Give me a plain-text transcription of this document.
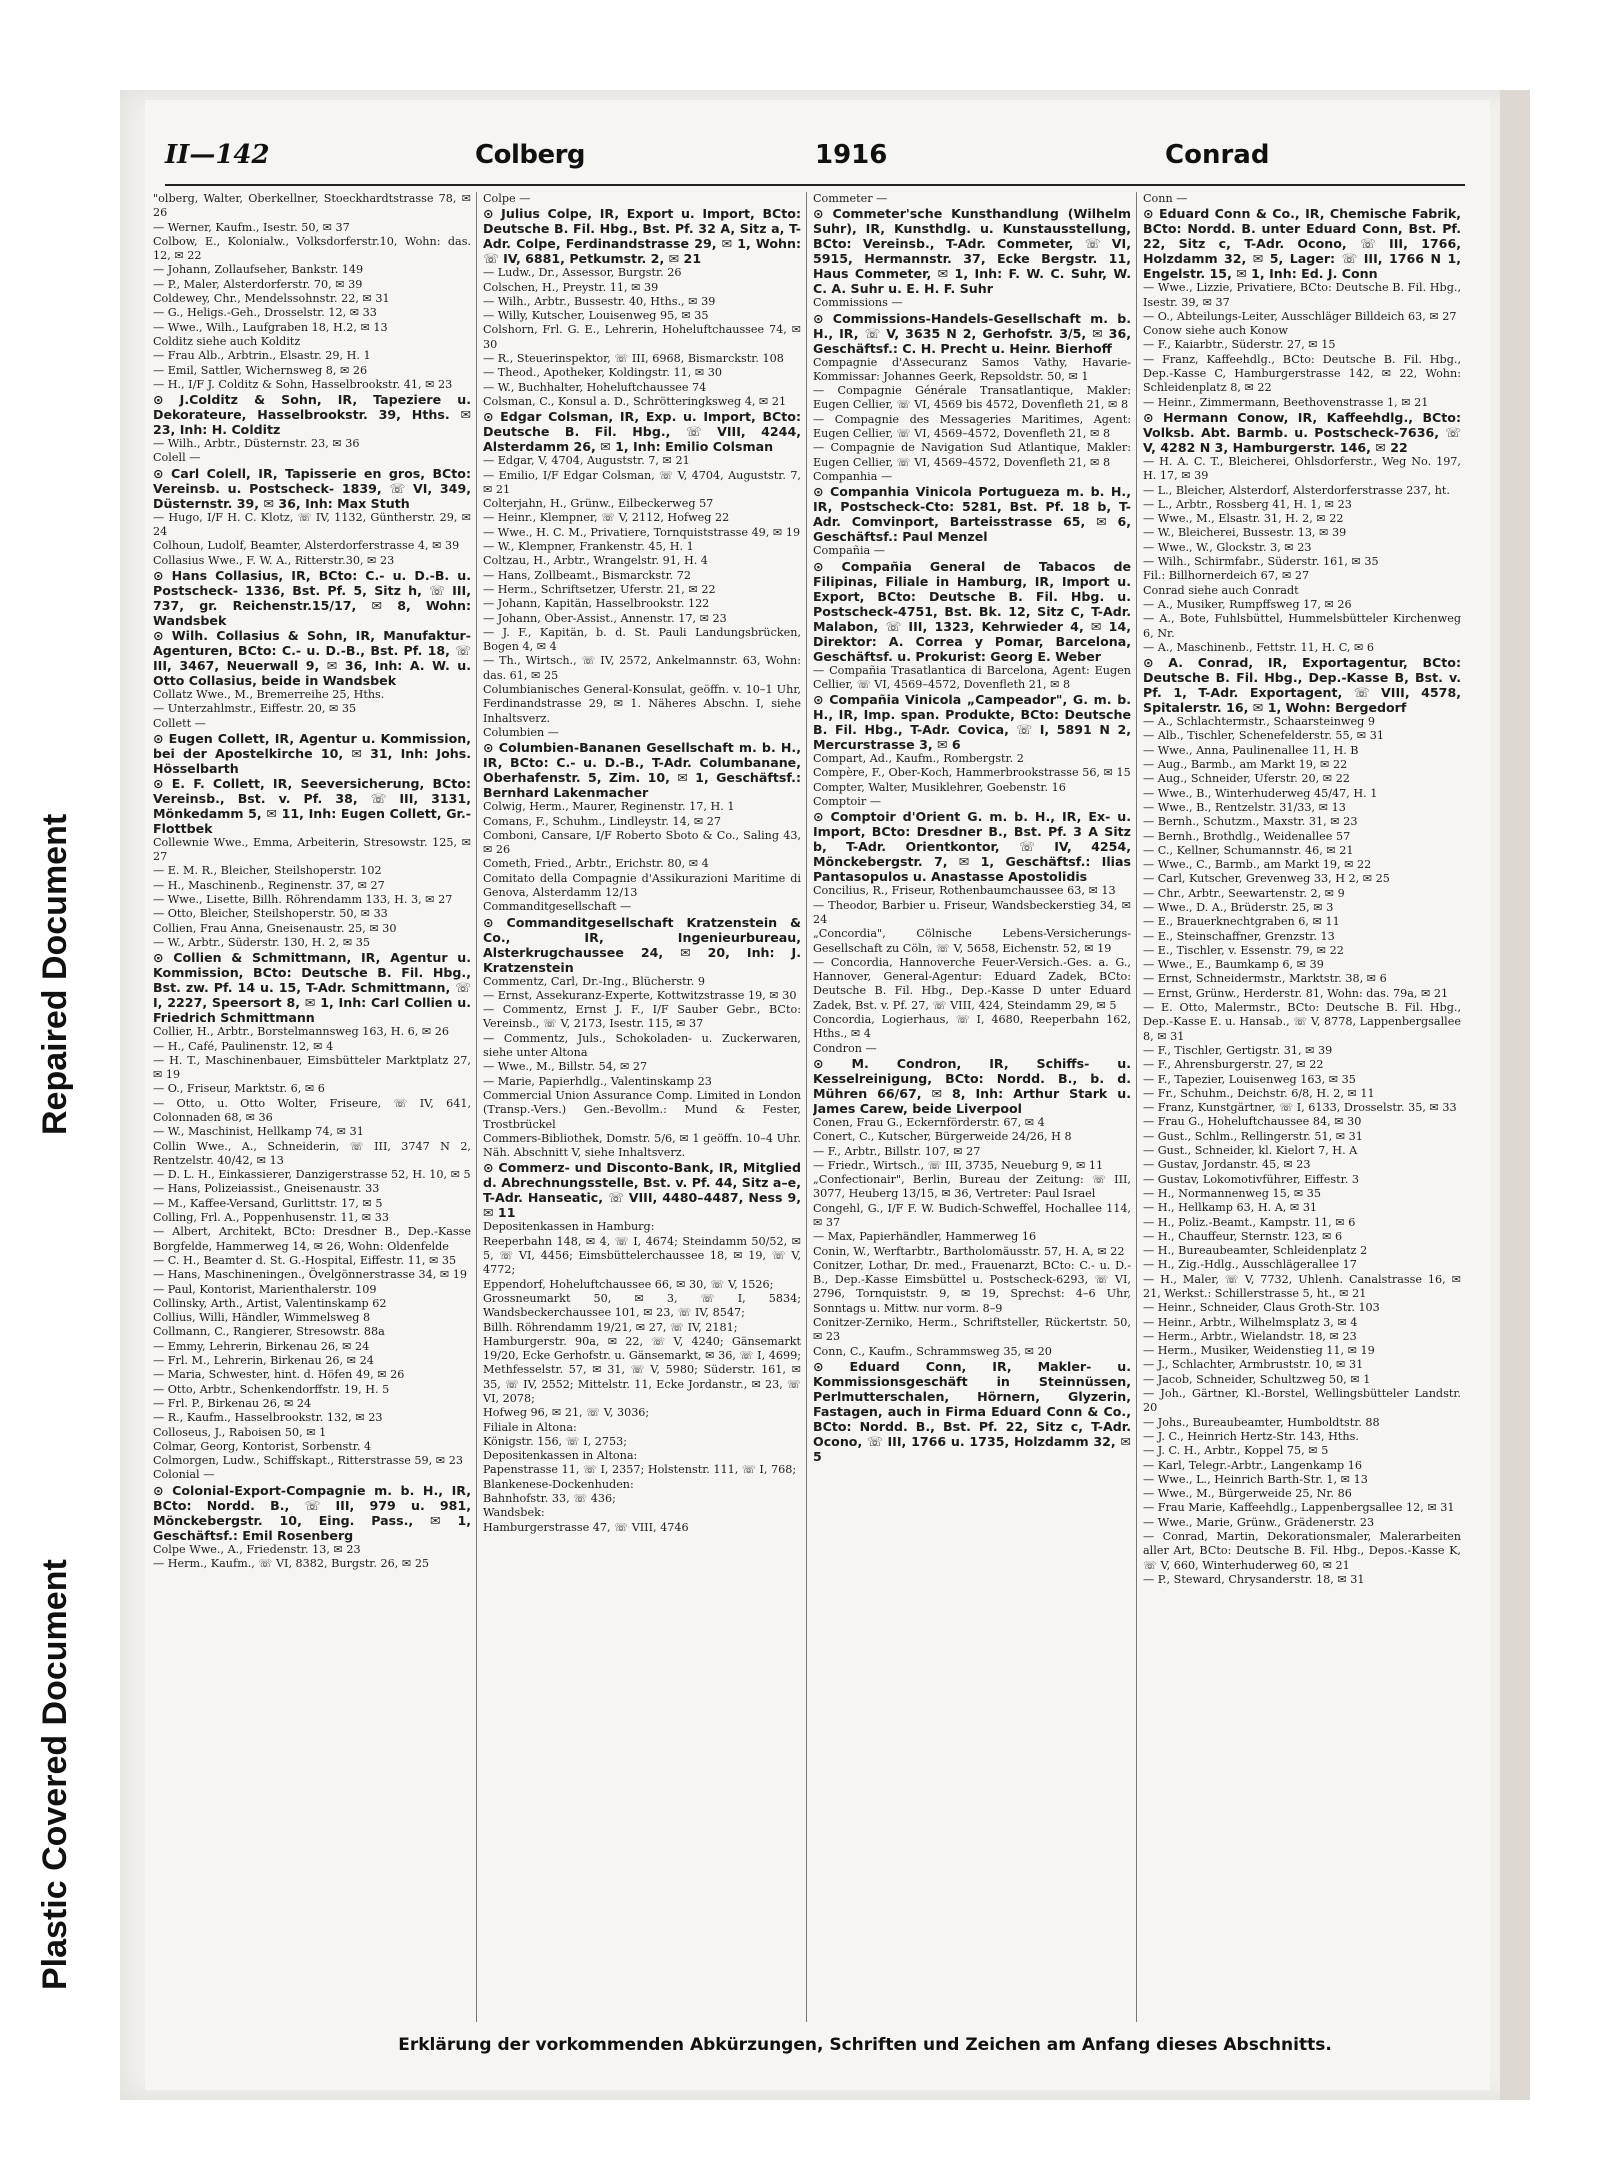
Plastic Covered Document
Repaired Document
II—142	Colberg	1916	Conrad

"olberg, Walter, Oberkellner, Stoeckhardtstrasse 78, ✉ 26

— Werner, Kaufm., Isestr. 50, ✉ 37

Colbow, E., Kolonialw., Volksdorferstr.10, Wohn: das. 12, ✉ 22

— Johann, Zollaufseher, Bankstr. 149

— P., Maler, Alsterdorferstr. 70, ✉ 39

Coldewey, Chr., Mendelssohnstr. 22, ✉ 31

— G., Heligs.-Geh., Drosselstr. 12, ✉ 33

— Wwe., Wilh., Laufgraben 18, H.2, ✉ 13

Colditz siehe auch Kolditz

— Frau Alb., Arbtrin., Elsastr. 29, H. 1

— Emil, Sattler, Wichernsweg 8, ✉ 26

— H., I/F J. Colditz & Sohn, Hasselbrookstr. 41, ✉ 23

⊙ J.Colditz & Sohn, IR, Tapeziere u. Dekorateure, Hasselbrookstr. 39, Hths. ✉ 23, Inh: H. Colditz

— Wilh., Arbtr., Düsternstr. 23, ✉ 36

Colell —

⊙ Carl Colell, IR, Tapisserie en gros, BCto: Vereinsb. u. Postscheck- 1839, ☏ VI, 349, Düsternstr. 39, ✉ 36, Inh: Max Stuth

— Hugo, I/F H. C. Klotz, ☏ IV, 1132, Güntherstr. 29, ✉ 24

Colhoun, Ludolf, Beamter, Alsterdorferstrasse 4, ✉ 39

Collasius Wwe., F. W. A., Ritterstr.30, ✉ 23

⊙ Hans Collasius, IR, BCto: C.- u. D.-B. u. Postscheck- 1336, Bst. Pf. 5, Sitz h, ☏ III, 737, gr. Reichenstr.15/17, ✉ 8, Wohn: Wandsbek

⊙ Wilh. Collasius & Sohn, IR, Manufaktur-Agenturen, BCto: C.- u. D.-B., Bst. Pf. 18, ☏ III, 3467, Neuerwall 9, ✉ 36, Inh: A. W. u. Otto Collasius, beide in Wandsbek

Collatz Wwe., M., Bremerreihe 25, Hths.

— Unterzahlmstr., Eiffestr. 20, ✉ 35

Collett —

⊙ Eugen Collett, IR, Agentur u. Kommission, bei der Apostelkirche 10, ✉ 31, Inh: Johs. Hösselbarth

⊙ E. F. Collett, IR, Seeversicherung, BCto: Vereinsb., Bst. v. Pf. 38, ☏ III, 3131, Mönkedamm 5, ✉ 11, Inh: Eugen Collett, Gr.-Flottbek

Collewnie Wwe., Emma, Arbeiterin, Stresowstr. 125, ✉ 27

— E. M. R., Bleicher, Steilshoperstr. 102

— H., Maschinenb., Reginenstr. 37, ✉ 27

— Wwe., Lisette, Billh. Röhrendamm 133, H. 3, ✉ 27

— Otto, Bleicher, Steilshoperstr. 50, ✉ 33

Collien, Frau Anna, Gneisenaustr. 25, ✉ 30

— W., Arbtr., Süderstr. 130, H. 2, ✉ 35

⊙ Collien & Schmittmann, IR, Agentur u. Kommission, BCto: Deutsche B. Fil. Hbg., Bst. zw. Pf. 14 u. 15, T-Adr. Schmittmann, ☏ I, 2227, Speersort 8, ✉ 1, Inh: Carl Collien u. Friedrich Schmittmann

Collier, H., Arbtr., Borstelmannsweg 163, H. 6, ✉ 26

— H., Café, Paulinenstr. 12, ✉ 4

— H. T., Maschinenbauer, Eimsbütteler Marktplatz 27, ✉ 19

— O., Friseur, Marktstr. 6, ✉ 6

— Otto, u. Otto Wolter, Friseure, ☏ IV, 641, Colonnaden 68, ✉ 36

— W., Maschinist, Hellkamp 74, ✉ 31

Collin Wwe., A., Schneiderin, ☏ III, 3747 N 2, Rentzelstr. 40/42, ✉ 13

— D. L. H., Einkassierer, Danzigerstrasse 52, H. 10, ✉ 5

— Hans, Polizeiassist., Gneisenaustr. 33

— M., Kaffee-Versand, Gurlittstr. 17, ✉ 5

Colling, Frl. A., Poppenhusenstr. 11, ✉ 33

— Albert, Architekt, BCto: Dresdner B., Dep.-Kasse Borgfelde, Hammerweg 14, ✉ 26, Wohn: Oldenfelde

— C. H., Beamter d. St. G.-Hospital, Eiffestr. 11, ✉ 35

— Hans, Maschineningen., Övelgönnerstrasse 34, ✉ 19

— Paul, Kontorist, Marienthalerstr. 109

Collinsky, Arth., Artist, Valentinskamp 62

Collius, Willi, Händler, Wimmelsweg 8

Collmann, C., Rangierer, Stresowstr. 88a

— Emmy, Lehrerin, Birkenau 26, ✉ 24

— Frl. M., Lehrerin, Birkenau 26, ✉ 24

— Maria, Schwester, hint. d. Höfen 49, ✉ 26

— Otto, Arbtr., Schenkendorffstr. 19, H. 5

— Frl. P., Birkenau 26, ✉ 24

— R., Kaufm., Hasselbrookstr. 132, ✉ 23

Colloseus, J., Raboisen 50, ✉ 1

Colmar, Georg, Kontorist, Sorbenstr. 4

Colmorgen, Ludw., Schiffskapt., Ritterstrasse 59, ✉ 23

Colonial —

⊙ Colonial-Export-Compagnie m. b. H., IR, BCto: Nordd. B., ☏ III, 979 u. 981, Mönckebergstr. 10, Eing. Pass., ✉ 1, Geschäftsf.: Emil Rosenberg

Colpe Wwe., A., Friedenstr. 13, ✉ 23

— Herm., Kaufm., ☏ VI, 8382, Burgstr. 26, ✉ 25

Colpe —

⊙ Julius Colpe, IR, Export u. Import, BCto: Deutsche B. Fil. Hbg., Bst. Pf. 32 A, Sitz a, T-Adr. Colpe, Ferdinandstrasse 29, ✉ 1, Wohn: ☏ IV, 6881, Petkumstr. 2, ✉ 21

— Ludw., Dr., Assessor, Burgstr. 26

Colschen, H., Preystr. 11, ✉ 39

— Wilh., Arbtr., Bussestr. 40, Hths., ✉ 39

— Willy, Kutscher, Louisenweg 95, ✉ 35

Colshorn, Frl. G. E., Lehrerin, Hoheluftchaussee 74, ✉ 30

— R., Steuerinspektor, ☏ III, 6968, Bismarckstr. 108

— Theod., Apotheker, Koldingstr. 11, ✉ 30

— W., Buchhalter, Hoheluftchaussee 74

Colsman, C., Konsul a. D., Schrötteringksweg 4, ✉ 21

⊙ Edgar Colsman, IR, Exp. u. Import, BCto: Deutsche B. Fil. Hbg., ☏ VIII, 4244, Alsterdamm 26, ✉ 1, Inh: Emilio Colsman

— Edgar, V, 4704, Auguststr. 7, ✉ 21

— Emilio, I/F Edgar Colsman, ☏ V, 4704, Auguststr. 7, ✉ 21

Colterjahn, H., Grünw., Eilbeckerweg 57

— Heinr., Klempner, ☏ V, 2112, Hofweg 22

— Wwe., H. C. M., Privatiere, Tornquiststrasse 49, ✉ 19

— W., Klempner, Frankenstr. 45, H. 1

Coltzau, H., Arbtr., Wrangelstr. 91, H. 4

— Hans, Zollbeamt., Bismarckstr. 72

— Herm., Schriftsetzer, Uferstr. 21, ✉ 22

— Johann, Kapitän, Hasselbrookstr. 122

— Johann, Ober-Assist., Annenstr. 17, ✉ 23

— J. F., Kapitän, b. d. St. Pauli Landungsbrücken, Bogen 4, ✉ 4

— Th., Wirtsch., ☏ IV, 2572, Ankelmannstr. 63, Wohn: das. 61, ✉ 25

Columbianisches General-Konsulat, geöffn. v. 10–1 Uhr, Ferdinandstrasse 29, ✉ 1. Näheres Abschn. I, siehe Inhaltsverz.

Columbien —

⊙ Columbien-Bananen Gesellschaft m. b. H., IR, BCto: C.- u. D.-B., T-Adr. Columbanane, Oberhafenstr. 5, Zim. 10, ✉ 1, Geschäftsf.: Bernhard Lakenmacher

Colwig, Herm., Maurer, Reginenstr. 17, H. 1

Comans, F., Schuhm., Lindleystr. 14, ✉ 27

Comboni, Cansare, I/F Roberto Sboto & Co., Saling 43, ✉ 26

Cometh, Fried., Arbtr., Erichstr. 80, ✉ 4

Comitato della Compagnie d'Assikurazioni Maritime di Genova, Alsterdamm 12/13

Commanditgesellschaft —

⊙ Commanditgesellschaft Kratzenstein & Co., IR, Ingenieurbureau, Alsterkrugchaussee 24, ✉ 20, Inh: J. Kratzenstein

Commentz, Carl, Dr.-Ing., Blücherstr. 9

— Ernst, Assekuranz-Experte, Kottwitzstrasse 19, ✉ 30

— Commentz, Ernst J. F., I/F Sauber Gebr., BCto: Vereinsb., ☏ V, 2173, Isestr. 115, ✉ 37

— Commentz, Juls., Schokoladen- u. Zuckerwaren, siehe unter Altona

— Wwe., M., Billstr. 54, ✉ 27

— Marie, Papierhdlg., Valentinskamp 23

Commercial Union Assurance Comp. Limited in London (Transp.-Vers.) Gen.-Bevollm.: Mund & Fester, Trostbrückel

Commers-Bibliothek, Domstr. 5/6, ✉ 1 geöffn. 10–4 Uhr. Näh. Abschnitt V, siehe Inhaltsverz.

⊙ Commerz- und Disconto-Bank, IR, Mitglied d. Abrechnungsstelle, Bst. v. Pf. 44, Sitz a–e, T-Adr. Hanseatic, ☏ VIII, 4480–4487, Ness 9, ✉ 11

Depositenkassen in Hamburg:

Reeperbahn 148, ✉ 4, ☏ I, 4674; Steindamm 50/52, ✉ 5, ☏ VI, 4456; Eimsbüttelerchaussee 18, ✉ 19, ☏ V, 4772;

Eppendorf, Hoheluftchaussee 66, ✉ 30, ☏ V, 1526;

Grossneumarkt 50, ✉ 3, ☏ I, 5834; Wandsbeckerchaussee 101, ✉ 23, ☏ IV, 8547;

Billh. Röhrendamm 19/21, ✉ 27, ☏ IV, 2181;

Hamburgerstr. 90a, ✉ 22, ☏ V, 4240; Gänsemarkt 19/20, Ecke Gerhofstr. u. Gänsemarkt, ✉ 36, ☏ I, 4699; Methfesselstr. 57, ✉ 31, ☏ V, 5980; Süderstr. 161, ✉ 35, ☏ IV, 2552; Mittelstr. 11, Ecke Jordanstr., ✉ 23, ☏ VI, 2078;

Hofweg 96, ✉ 21, ☏ V, 3036;

Filiale in Altona:

Königstr. 156, ☏ I, 2753;

Depositenkassen in Altona:

Papenstrasse 11, ☏ I, 2357; Holstenstr. 111, ☏ I, 768;

Blankenese-Dockenhuden:

Bahnhofstr. 33, ☏ 436;

Wandsbek:

Hamburgerstrasse 47, ☏ VIII, 4746

Commeter —

⊙ Commeter'sche Kunsthandlung (Wilhelm Suhr), IR, Kunsthdlg. u. Kunstausstellung, BCto: Vereinsb., T-Adr. Commeter, ☏ VI, 5915, Hermannstr. 37, Ecke Bergstr. 11, Haus Commeter, ✉ 1, Inh: F. W. C. Suhr, W. C. A. Suhr u. E. H. F. Suhr

Commissions —

⊙ Commissions-Handels-Gesellschaft m. b. H., IR, ☏ V, 3635 N 2, Gerhofstr. 3/5, ✉ 36, Geschäftsf.: C. H. Precht u. Heinr. Bierhoff

Compagnie d'Assecuranz Samos Vathy, Havarie-Kommissar: Johannes Geerk, Repsoldstr. 50, ✉ 1

— Compagnie Générale Transatlantique, Makler: Eugen Cellier, ☏ VI, 4569 bis 4572, Dovenfleth 21, ✉ 8

— Compagnie des Messageries Maritimes, Agent: Eugen Cellier, ☏ VI, 4569–4572, Dovenfleth 21, ✉ 8

— Compagnie de Navigation Sud Atlantique, Makler: Eugen Cellier, ☏ VI, 4569–4572, Dovenfleth 21, ✉ 8

Companhia —

⊙ Companhia Vinicola Portugueza m. b. H., IR, Postscheck-Cto: 5281, Bst. Pf. 18 b, T-Adr. Comvinport, Barteisstrasse 65, ✉ 6, Geschäftsf.: Paul Menzel

Compañia —

⊙ Compañia General de Tabacos de Filipinas, Filiale in Hamburg, IR, Import u. Export, BCto: Deutsche B. Fil. Hbg. u. Postscheck-4751, Bst. Bk. 12, Sitz C, T-Adr. Malabon, ☏ III, 1323, Kehrwieder 4, ✉ 14, Direktor: A. Correa y Pomar, Barcelona, Geschäftsf. u. Prokurist: Georg E. Weber

— Compañia Trasatlantica di Barcelona, Agent: Eugen Cellier, ☏ VI, 4569–4572, Dovenfleth 21, ✉ 8

⊙ Compañia Vinicola „Campeador", G. m. b. H., IR, Imp. span. Produkte, BCto: Deutsche B. Fil. Hbg., T-Adr. Covica, ☏ I, 5891 N 2, Mercurstrasse 3, ✉ 6

Compart, Ad., Kaufm., Rombergstr. 2

Compère, F., Ober-Koch, Hammerbrookstrasse 56, ✉ 15

Compter, Walter, Musiklehrer, Goebenstr. 16

Comptoir —

⊙ Comptoir d'Orient G. m. b. H., IR, Ex- u. Import, BCto: Dresdner B., Bst. Pf. 3 A Sitz b, T-Adr. Orientkontor, ☏ IV, 4254, Mönckebergstr. 7, ✉ 1, Geschäftsf.: Ilias Pantasopulos u. Anastasse Apostolidis

Concilius, R., Friseur, Rothenbaumchaussee 63, ✉ 13

— Theodor, Barbier u. Friseur, Wandsbeckerstieg 34, ✉ 24

„Concordia", Cölnische Lebens-Versicherungs-Gesellschaft zu Cöln, ☏ V, 5658, Eichenstr. 52, ✉ 19

— Concordia, Hannoverche Feuer-Versich.-Ges. a. G., Hannover, General-Agentur: Eduard Zadek, BCto: Deutsche B. Fil. Hbg., Dep.-Kasse D unter Eduard Zadek, Bst. v. Pf. 27, ☏ VIII, 424, Steindamm 29, ✉ 5

Concordia, Logierhaus, ☏ I, 4680, Reeperbahn 162, Hths., ✉ 4

Condron —

⊙ M. Condron, IR, Schiffs- u. Kesselreinigung, BCto: Nordd. B., b. d. Mühren 66/67, ✉ 8, Inh: Arthur Stark u. James Carew, beide Liverpool

Conen, Frau G., Eckernförderstr. 67, ✉ 4

Conert, C., Kutscher, Bürgerweide 24/26, H 8

— F., Arbtr., Billstr. 107, ✉ 27

— Friedr., Wirtsch., ☏ III, 3735, Neueburg 9, ✉ 11

„Confectionair", Berlin, Bureau der Zeitung: ☏ III, 3077, Heuberg 13/15, ✉ 36, Vertreter: Paul Israel

Congehl, G., I/F F. W. Budich-Schweffel, Hochallee 114, ✉ 37

— Max, Papierhändler, Hammerweg 16

Conin, W., Werftarbtr., Bartholomäusstr. 57, H. A, ✉ 22

Conitzer, Lothar, Dr. med., Frauenarzt, BCto: C.- u. D.-B., Dep.-Kasse Eimsbüttel u. Postscheck-6293, ☏ VI, 2796, Tornquiststr. 9, ✉ 19, Sprechst: 4–6 Uhr, Sonntags u. Mittw. nur vorm. 8–9

Conitzer-Zerniko, Herm., Schriftsteller, Rückertstr. 50, ✉ 23

Conn, C., Kaufm., Schrammsweg 35, ✉ 20

⊙ Eduard Conn, IR, Makler- u. Kommissionsgeschäft in Steinnüssen, Perlmutterschalen, Hörnern, Glyzerin, Fastagen, auch in Firma Eduard Conn & Co., BCto: Nordd. B., Bst. Pf. 22, Sitz c, T-Adr. Ocono, ☏ III, 1766 u. 1735, Holzdamm 32, ✉ 5

Conn —

⊙ Eduard Conn & Co., IR, Chemische Fabrik, BCto: Nordd. B. unter Eduard Conn, Bst. Pf. 22, Sitz c, T-Adr. Ocono, ☏ III, 1766, Holzdamm 32, ✉ 5, Lager: ☏ III, 1766 N 1, Engelstr. 15, ✉ 1, Inh: Ed. J. Conn

— Wwe., Lizzie, Privatiere, BCto: Deutsche B. Fil. Hbg., Isestr. 39, ✉ 37

— O., Abteilungs-Leiter, Ausschläger Billdeich 63, ✉ 27

Conow siehe auch Konow

— F., Kaiarbtr., Süderstr. 27, ✉ 15

— Franz, Kaffeehdlg., BCto: Deutsche B. Fil. Hbg., Dep.-Kasse C, Hamburgerstrasse 142, ✉ 22, Wohn: Schleidenplatz 8, ✉ 22

— Heinr., Zimmermann, Beethovenstrasse 1, ✉ 21

⊙ Hermann Conow, IR, Kaffeehdlg., BCto: Volksb. Abt. Barmb. u. Postscheck-7636, ☏ V, 4282 N 3, Hamburgerstr. 146, ✉ 22

— H. A. C. T., Bleicherei, Ohlsdorferstr., Weg No. 197, H. 17, ✉ 39

— L., Bleicher, Alsterdorf, Alsterdorferstrasse 237, ht.

— L., Arbtr., Rossberg 41, H. 1, ✉ 23

— Wwe., M., Elsastr. 31, H. 2, ✉ 22

— W., Bleicherei, Bussestr. 13, ✉ 39

— Wwe., W., Glockstr. 3, ✉ 23

— Wilh., Schirmfabr., Süderstr. 161, ✉ 35

Fil.: Billhornerdeich 67, ✉ 27

Conrad siehe auch Conradt

— A., Musiker, Rumpffsweg 17, ✉ 26

— A., Bote, Fuhlsbüttel, Hummelsbütteler Kirchenweg 6, Nr.

— A., Maschinenb., Fettstr. 11, H. C, ✉ 6

⊙ A. Conrad, IR, Exportagentur, BCto: Deutsche B. Fil. Hbg., Dep.-Kasse B, Bst. v. Pf. 1, T-Adr. Exportagent, ☏ VIII, 4578, Spitalerstr. 16, ✉ 1, Wohn: Bergedorf

— A., Schlachtermstr., Schaarsteinweg 9

— Alb., Tischler, Schenefelderstr. 55, ✉ 31

— Wwe., Anna, Paulinenallee 11, H. B

— Aug., Barmb., am Markt 19, ✉ 22

— Aug., Schneider, Uferstr. 20, ✉ 22

— Wwe., B., Winterhuderweg 45/47, H. 1

— Wwe., B., Rentzelstr. 31/33, ✉ 13

— Bernh., Schutzm., Maxstr. 31, ✉ 23

— Bernh., Brothdlg., Weidenallee 57

— C., Kellner, Schumannstr. 46, ✉ 21

— Wwe., C., Barmb., am Markt 19, ✉ 22

— Carl, Kutscher, Grevenweg 33, H 2, ✉ 25

— Chr., Arbtr., Seewartenstr. 2, ✉ 9

— Wwe., D. A., Brüderstr. 25, ✉ 3

— E., Brauerknechtgraben 6, ✉ 11

— E., Steinschaffner, Grenzstr. 13

— E., Tischler, v. Essenstr. 79, ✉ 22

— Wwe., E., Baumkamp 6, ✉ 39

— Ernst, Schneidermstr., Marktstr. 38, ✉ 6

— Ernst, Grünw., Herderstr. 81, Wohn: das. 79a, ✉ 21

— E. Otto, Malermstr., BCto: Deutsche B. Fil. Hbg., Dep.-Kasse E. u. Hansab., ☏ V, 8778, Lappenbergsallee 8, ✉ 31

— F., Tischler, Gertigstr. 31, ✉ 39

— F., Ahrensburgerstr. 27, ✉ 22

— F., Tapezier, Louisenweg 163, ✉ 35

— Fr., Schuhm., Deichstr. 6/8, H. 2, ✉ 11

— Franz, Kunstgärtner, ☏ I, 6133, Drosselstr. 35, ✉ 33

— Frau G., Hoheluftchaussee 84, ✉ 30

— Gust., Schlm., Rellingerstr. 51, ✉ 31

— Gust., Schneider, kl. Kielort 7, H. A

— Gustav, Jordanstr. 45, ✉ 23

— Gustav, Lokomotivführer, Eiffestr. 3

— H., Normannenweg 15, ✉ 35

— H., Hellkamp 63, H. A, ✉ 31

— H., Poliz.-Beamt., Kampstr. 11, ✉ 6

— H., Chauffeur, Sternstr. 123, ✉ 6

— H., Bureaubeamter, Schleidenplatz 2

— H., Zig.-Hdlg., Ausschlägerallee 17

— H., Maler, ☏ V, 7732, Uhlenh. Canalstrasse 16, ✉ 21, Werkst.: Schillerstrasse 5, ht., ✉ 21

— Heinr., Schneider, Claus Groth-Str. 103

— Heinr., Arbtr., Wilhelmsplatz 3, ✉ 4

— Herm., Arbtr., Wielandstr. 18, ✉ 23

— Herm., Musiker, Weidenstieg 11, ✉ 19

— J., Schlachter, Armbruststr. 10, ✉ 31

— Jacob, Schneider, Schultzweg 50, ✉ 1

— Joh., Gärtner, Kl.-Borstel, Wellingsbütteler Landstr. 20

— Johs., Bureaubeamter, Humboldtstr. 88

— J. C., Heinrich Hertz-Str. 143, Hths.

— J. C. H., Arbtr., Koppel 75, ✉ 5

— Karl, Telegr.-Arbtr., Langenkamp 16

— Wwe., L., Heinrich Barth-Str. 1, ✉ 13

— Wwe., M., Bürgerweide 25, Nr. 86

— Frau Marie, Kaffeehdlg., Lappenbergsallee 12, ✉ 31

— Wwe., Marie, Grünw., Grädenerstr. 23

— Conrad, Martin, Dekorationsmaler, Malerarbeiten aller Art, BCto: Deutsche B. Fil. Hbg., Depos.-Kasse K, ☏ V, 660, Winterhuderweg 60, ✉ 21

— P., Steward, Chrysanderstr. 18, ✉ 31

Erklärung der vorkommenden Abkürzungen, Schriften und Zeichen am Anfang dieses Abschnitts.
